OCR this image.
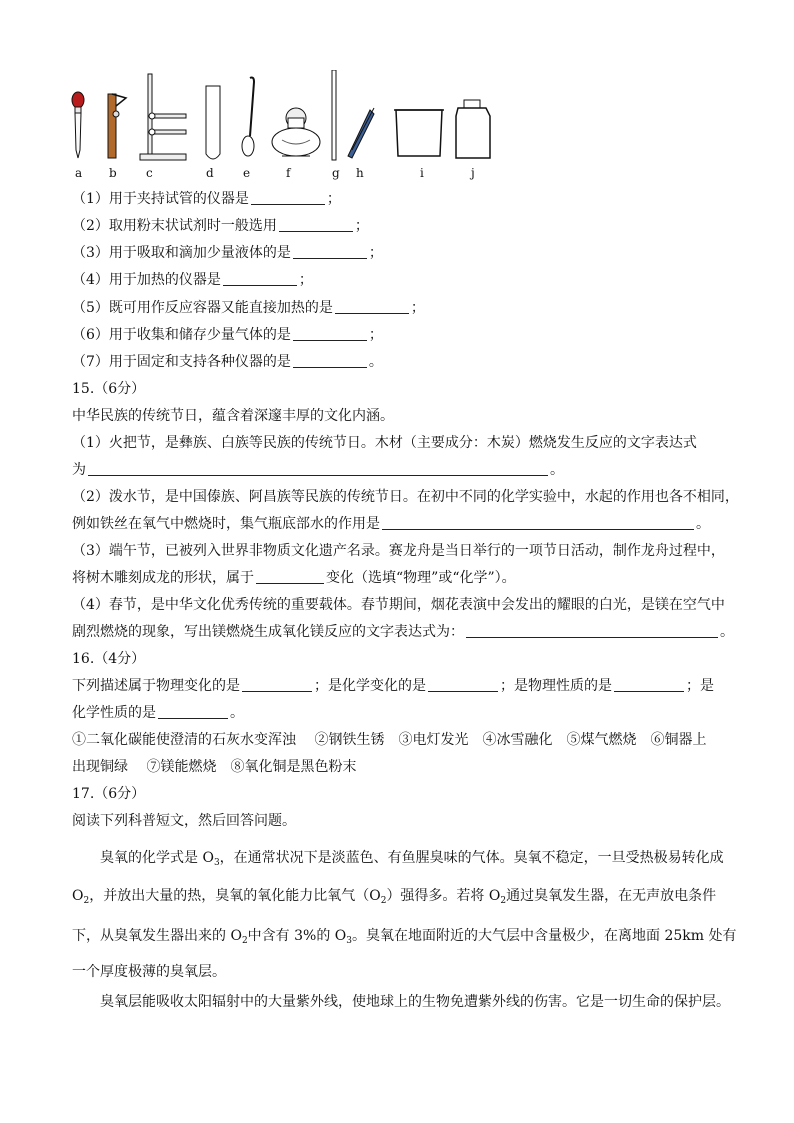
a b c	d e	f	g h	i	j
（1）用于夹持试管的仪器是	；
（2）取用粉末状试剂时一般选用	；
（3）用于吸取和滴加少量液体的是	；
（4）用于加热的仪器是	；
（5）既可用作反应容器又能直接加热的是	；
（6）用于收集和储存少量气体的是	；
（7）用于固定和支持各种仪器的是	。
15.（6分）
中华民族的传统节日，蕴含着深邃丰厚的文化内涵。
（1）火把节，是彝族、白族等民族的传统节日。木材（主要成分：木炭）燃烧发生反应的文字表达式
为	。
（2）泼水节，是中国傣族、阿昌族等民族的传统节日。在初中不同的化学实验中，水起的作用也各不相同，
例如铁丝在氧气中燃烧时，集气瓶底部水的作用是	。
（3）端午节，已被列入世界非物质文化遗产名录。赛龙舟是当日举行的一项节日活动，制作龙舟过程中，
将树木雕刻成龙的形状，属于	变化（选填“物理”或“化学”）。
（4）春节，是中华文化优秀传统的重要载体。春节期间，烟花表演中会发出的耀眼的白光，是镁在空气中
剧烈燃烧的现象，写出镁燃烧生成氧化镁反应的文字表达式为：	。
16.（4分）
下列描述属于物理变化的是	；是化学变化的是	；是物理性质的是	；是
化学性质的是	。
①二氧化碳能使澄清的石灰水变浑浊　 ②钢铁生锈　③电灯发光　④冰雪融化　⑤煤气燃烧　⑥铜器上
出现铜绿　 ⑦镁能燃烧　⑧氧化铜是黑色粉末
17.（6分）
阅读下列科普短文，然后回答问题。
臭氧的化学式是 $O_3$，在通常状况下是淡蓝色、有鱼腥臭味的气体。臭氧不稳定，一旦受热极易转化成
$O_2$，并放出大量的热，臭氧的氧化能力比氧气$(O_2)$强得多。若将 $O_2$通过臭氧发生器，在无声放电条件
下，从臭氧发生器出来的 $O_2$中含有 3%的 $O_3$。臭氧在地面附近的大气层中含量极少，在离地面 25km 处有
一个厚度极薄的臭氧层。
臭氧层能吸收太阳辐射中的大量紫外线，使地球上的生物免遭紫外线的伤害。它是一切生命的保护层。
